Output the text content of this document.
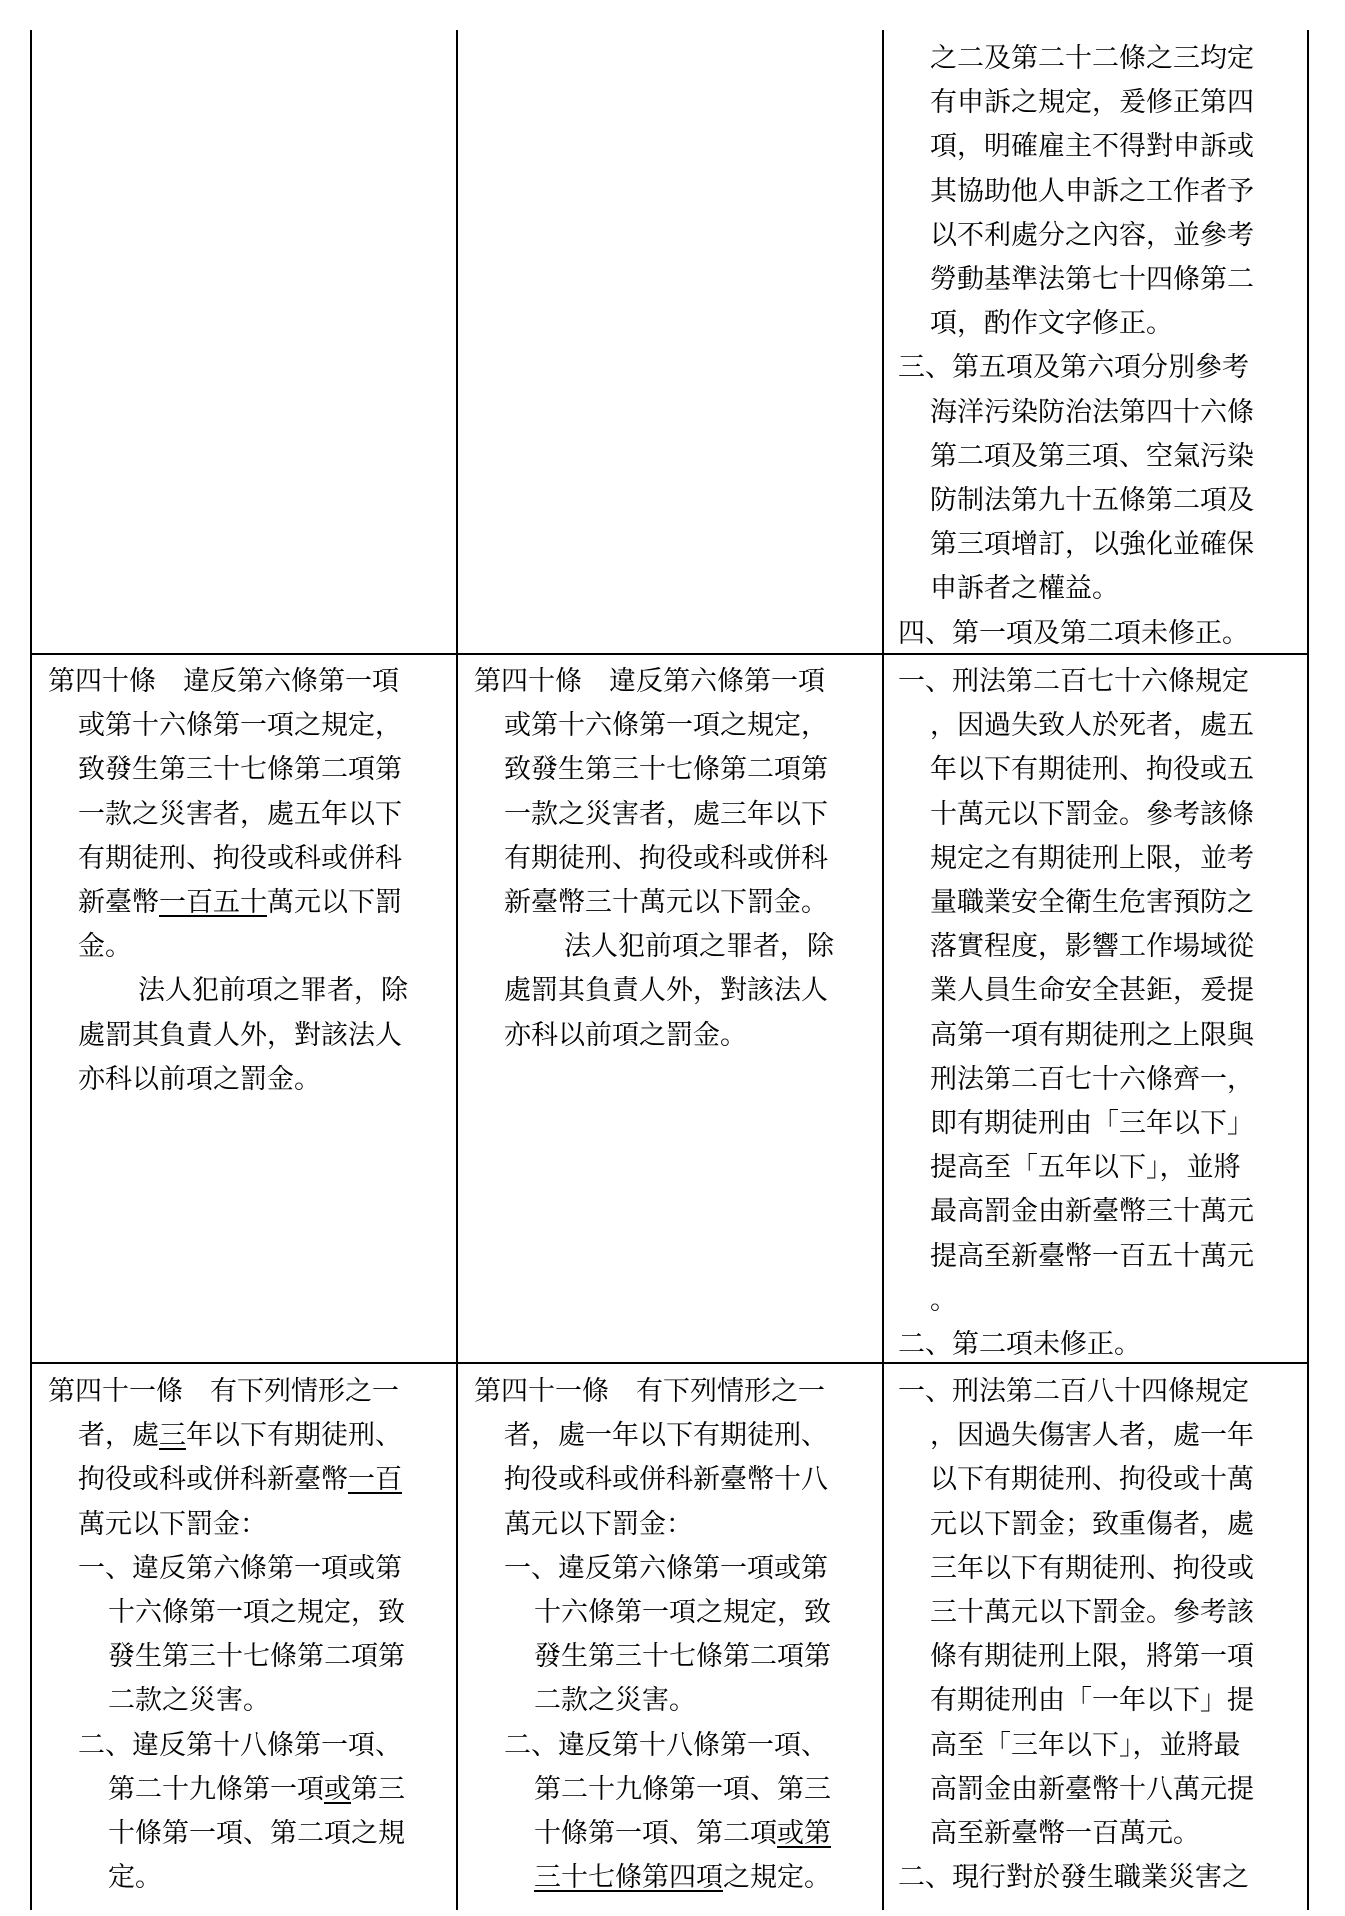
之二及第二十二條之三均定

有申訴之規定，爰修正第四

項，明確雇主不得對申訴或

其協助他人申訴之工作者予

以不利處分之內容，並參考

勞動基準法第七十四條第二

項，酌作文字修正。

三、第五項及第六項分別參考

海洋污染防治法第四十六條

第二項及第三項、空氣污染

防制法第九十五條第二項及

第三項增訂，以強化並確保

申訴者之權益。

四、第一項及第二項未修正。

第四十條　違反第六條第一項

或第十六條第一項之規定，

致發生第三十七條第二項第

一款之災害者，處五年以下

有期徒刑、拘役或科或併科

新臺幣一百五十萬元以下罰

金。

法人犯前項之罪者，除

處罰其負責人外，對該法人

亦科以前項之罰金。

第四十條　違反第六條第一項

或第十六條第一項之規定，

致發生第三十七條第二項第

一款之災害者，處三年以下

有期徒刑、拘役或科或併科

新臺幣三十萬元以下罰金。

法人犯前項之罪者，除

處罰其負責人外，對該法人

亦科以前項之罰金。

一、刑法第二百七十六條規定

，因過失致人於死者，處五

年以下有期徒刑、拘役或五

十萬元以下罰金。參考該條

規定之有期徒刑上限，並考

量職業安全衛生危害預防之

落實程度，影響工作場域從

業人員生命安全甚鉅，爰提

高第一項有期徒刑之上限與

刑法第二百七十六條齊一，

即有期徒刑由「三年以下」

提高至「五年以下」，並將

最高罰金由新臺幣三十萬元

提高至新臺幣一百五十萬元

。

二、第二項未修正。

第四十一條　有下列情形之一

者，處三年以下有期徒刑、

拘役或科或併科新臺幣一百

萬元以下罰金：

一、違反第六條第一項或第

十六條第一項之規定，致

發生第三十七條第二項第

二款之災害。

二、違反第十八條第一項、

第二十九條第一項或第三

十條第一項、第二項之規

定。

第四十一條　有下列情形之一

者，處一年以下有期徒刑、

拘役或科或併科新臺幣十八

萬元以下罰金：

一、違反第六條第一項或第

十六條第一項之規定，致

發生第三十七條第二項第

二款之災害。

二、違反第十八條第一項、

第二十九條第一項、第三

十條第一項、第二項或第

三十七條第四項之規定。

一、刑法第二百八十四條規定

，因過失傷害人者，處一年

以下有期徒刑、拘役或十萬

元以下罰金；致重傷者，處

三年以下有期徒刑、拘役或

三十萬元以下罰金。參考該

條有期徒刑上限，將第一項

有期徒刑由「一年以下」提

高至「三年以下」，並將最

高罰金由新臺幣十八萬元提

高至新臺幣一百萬元。

二、現行對於發生職業災害之
